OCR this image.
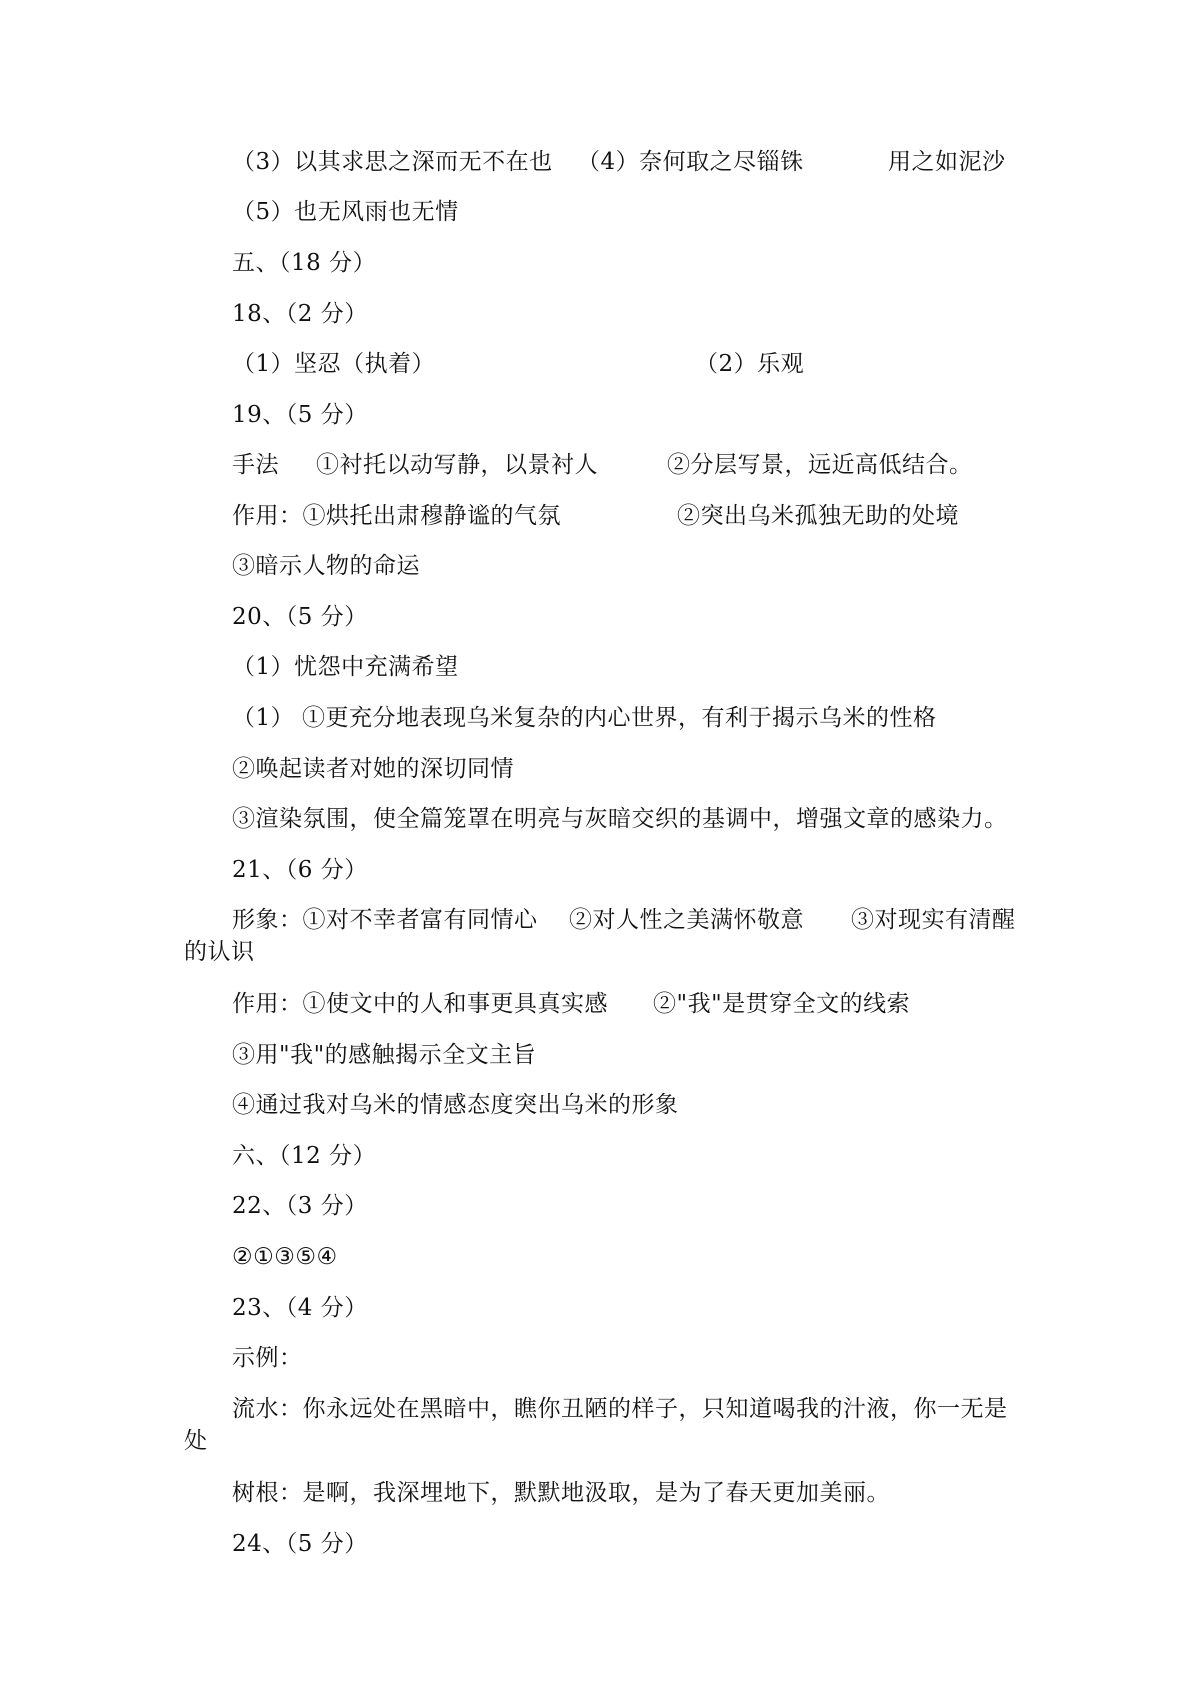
（3）以其求思之深而无不在也 （4）奈何取之尽锱铢	用之如泥沙
（5）也无风雨也无情
五、（18 分）
18、（2 分）
（1）坚忍（执着）	（2）乐观
19、（5 分）
手法 ①衬托以动写静，以景衬人	②分层写景，远近高低结合。
作用：①烘托出肃穆静谧的气氛	②突出乌米孤独无助的处境
③暗示人物的命运
20、（5 分）
（1）忧怨中充满希望
（1） ①更充分地表现乌米复杂的内心世界，有利于揭示乌米的性格
②唤起读者对她的深切同情
③渲染氛围，使全篇笼罩在明亮与灰暗交织的基调中，增强文章的感染力。
21、（6 分）
形象：①对不幸者富有同情心 ②对人性之美满怀敬意 ③对现实有清醒
的认识
作用：①使文中的人和事更具真实感 ②"我"是贯穿全文的线索
③用"我"的感触揭示全文主旨
④通过我对乌米的情感态度突出乌米的形象
六、（12 分）
22、（3 分）
②①③⑤④
23、（4 分）
示例：
流水：你永远处在黑暗中，瞧你丑陋的样子，只知道喝我的汁液，你一无是
处
树根：是啊，我深埋地下，默默地汲取，是为了春天更加美丽。
24、（5 分）
